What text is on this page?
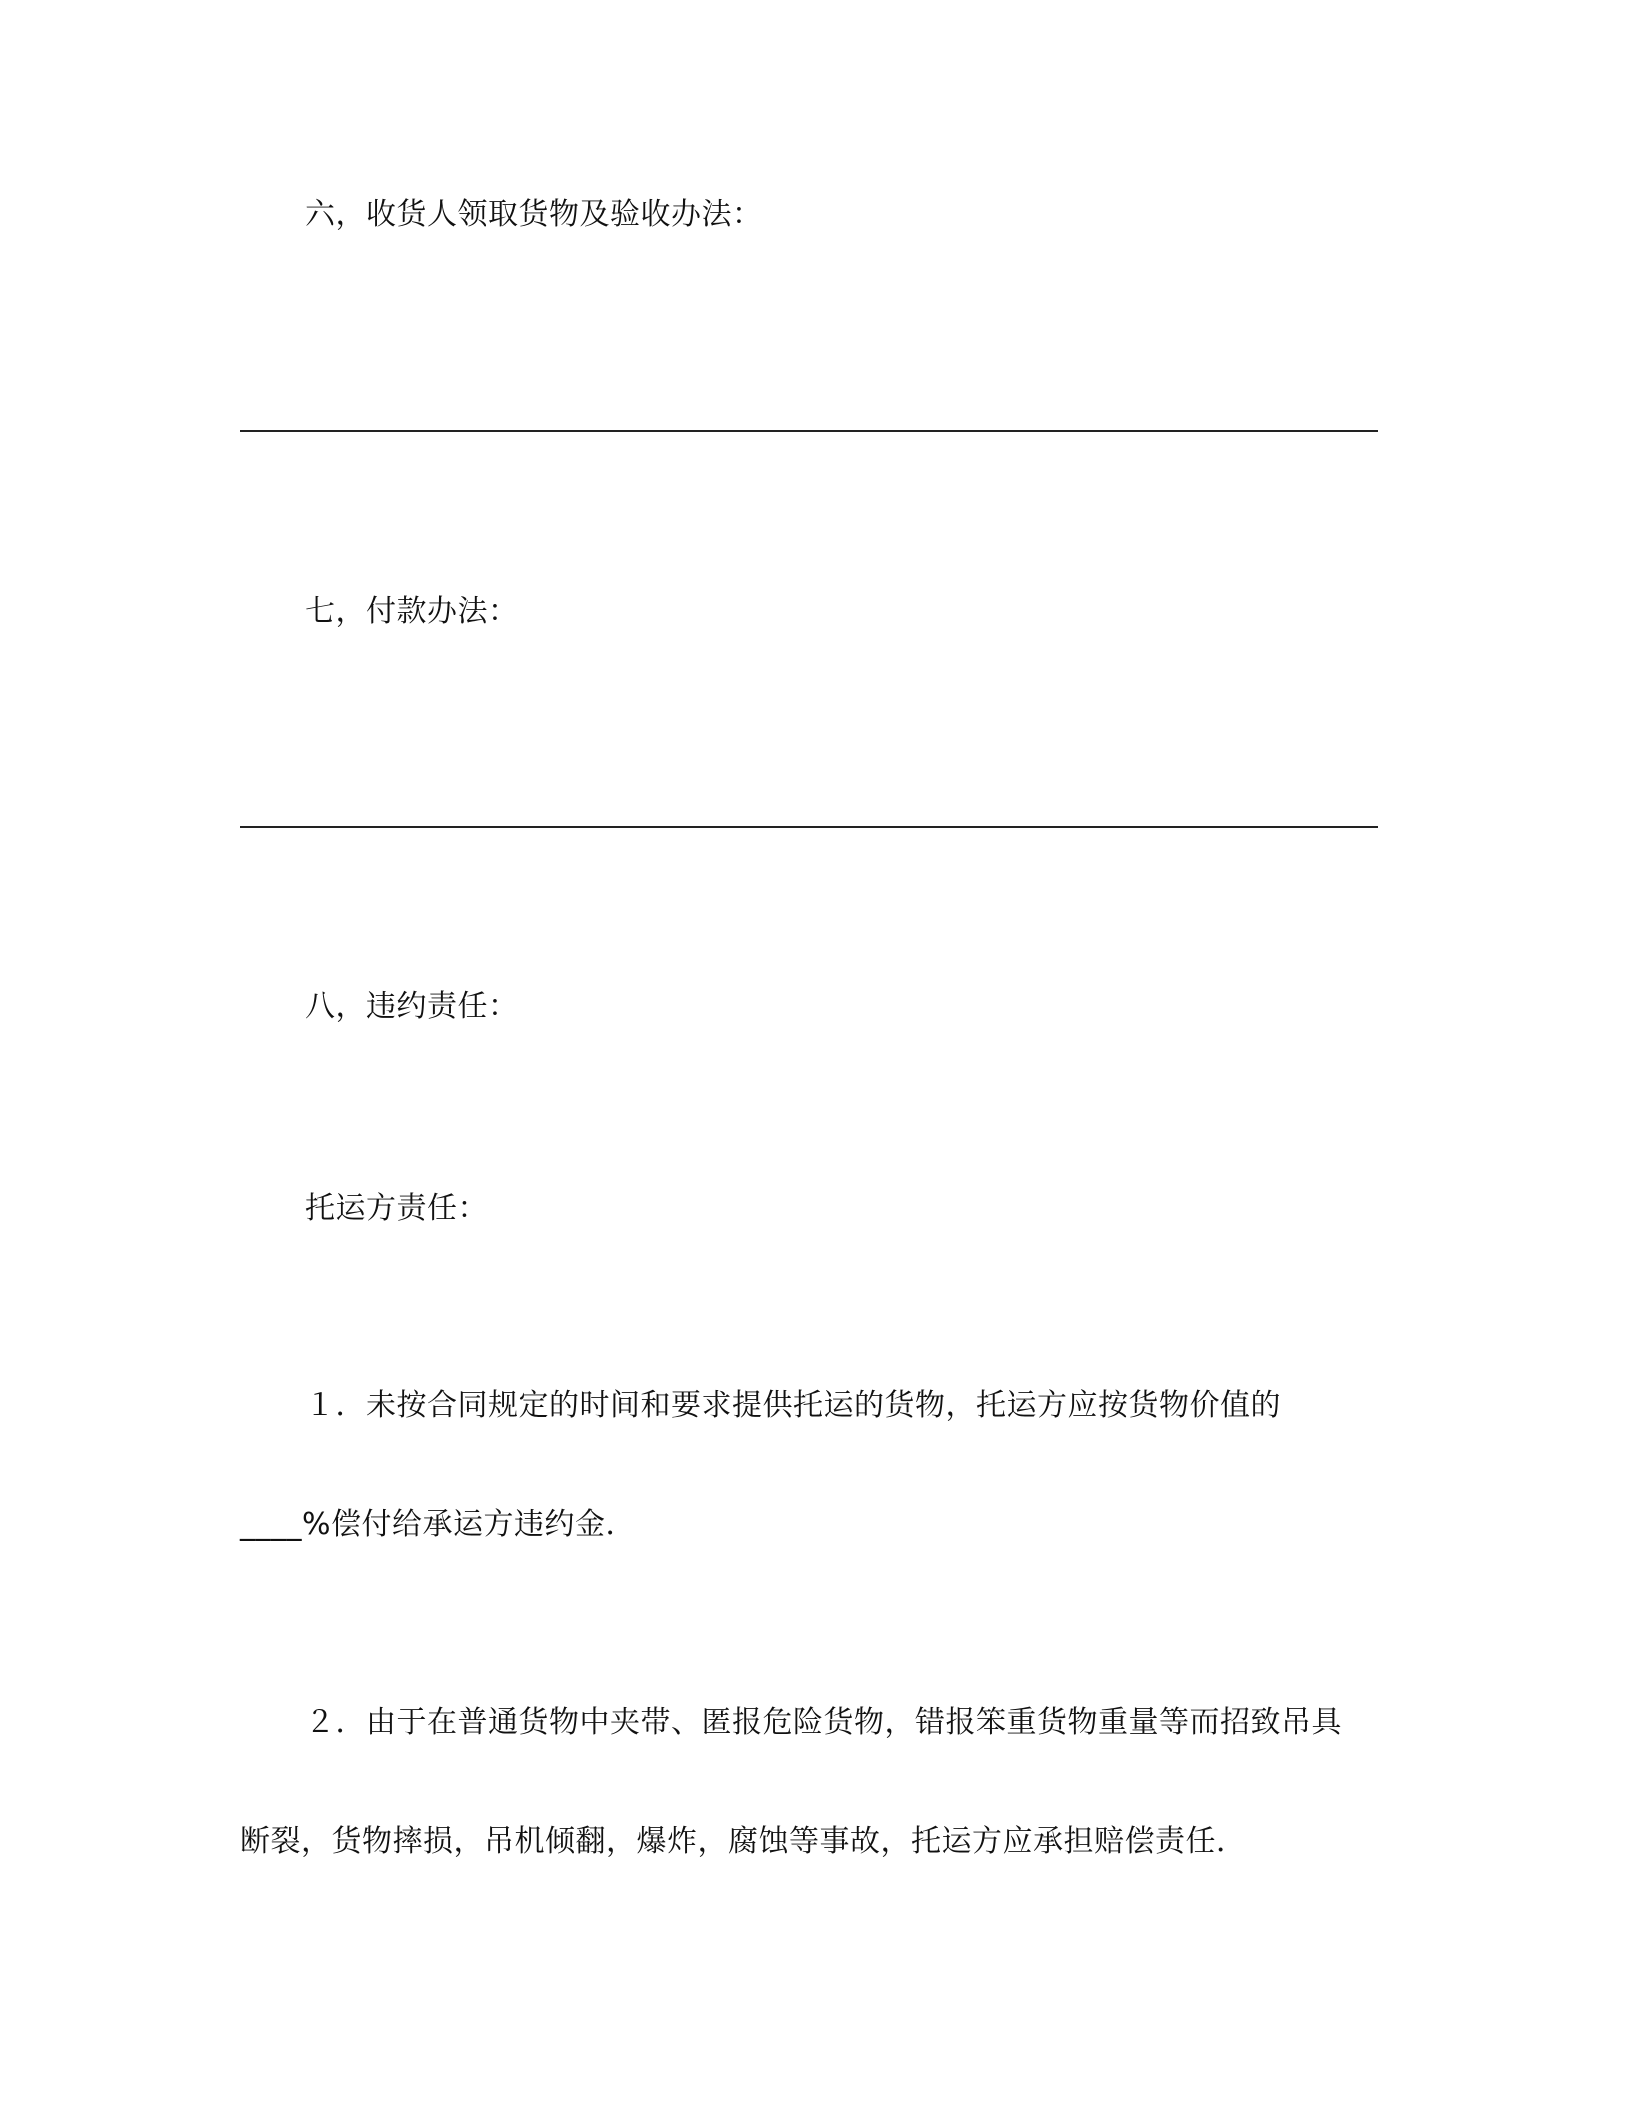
六，收货人领取货物及验收办法：
七，付款办法：
八，违约责任：
托运方责任：
１．未按合同规定的时间和要求提供托运的货物，托运方应按货物价值的
____%偿付给承运方违约金．
２．由于在普通货物中夹带、匿报危险货物，错报笨重货物重量等而招致吊具
断裂，货物摔损，吊机倾翻，爆炸，腐蚀等事故，托运方应承担赔偿责任．
